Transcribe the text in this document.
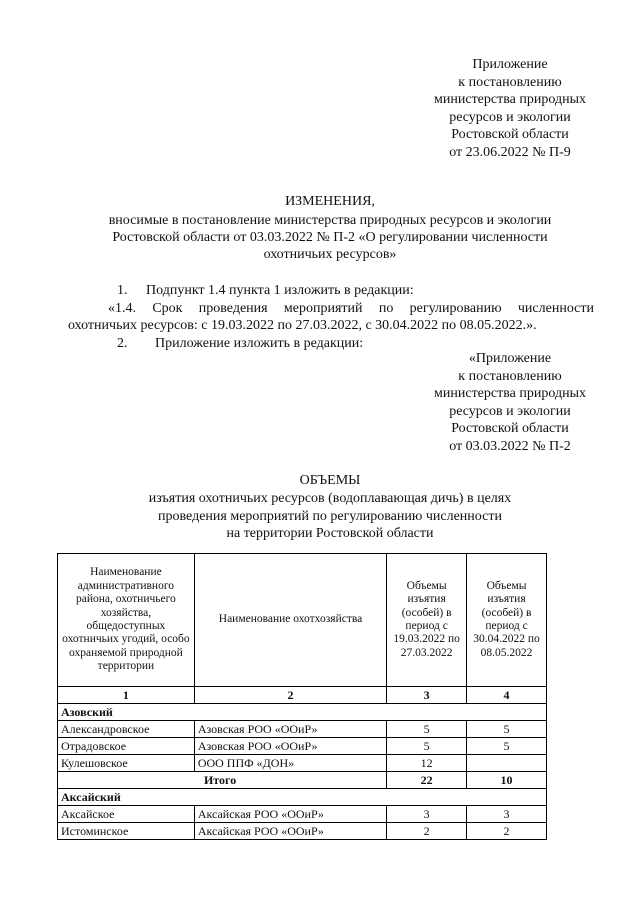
Приложение
к постановлению
министерства природных
ресурсов и экологии
Ростовской области
от 23.06.2022 № П-9
ИЗМЕНЕНИЯ,
вносимые в постановление министерства природных ресурсов и экологии
Ростовской области от 03.03.2022 № П-2 «О регулировании численности
охотничьих ресурсов»
1. Подпункт 1.4 пункта 1 изложить в редакции:
«1.4. Срок проведения мероприятий по регулированию численности
охотничьих ресурсов: с 19.03.2022 по 27.03.2022, с 30.04.2022 по 08.05.2022.».
2. Приложение изложить в редакции:
«Приложение
к постановлению
министерства природных
ресурсов и экологии
Ростовской области
от 03.03.2022 № П-2
ОБЪЕМЫ
изъятия охотничьих ресурсов (водоплавающая дичь) в целях
проведения мероприятий по регулированию численности
на территории Ростовской области
Наименование административного района, охотничьего хозяйства, общедоступных охотничьих угодий, особо охраняемой природной территории	Наименование охотхозяйства	Объемы изъятия (особей) в период с 19.03.2022 по 27.03.2022	Объемы изъятия (особей) в период с 30.04.2022 по 08.05.2022
1	2	3	4
Азовский			
Александровское	Азовская РОО «ООиР»	5	5
Отрадовское	Азовская РОО «ООиР»	5	5
Кулешовское	ООО ППФ «ДОН»	12	
Итого		22	10
Аксайский			
Аксайское	Аксайская РОО «ООиР»	3	3
Истоминское	Аксайская РОО «ООиР»	2	2
